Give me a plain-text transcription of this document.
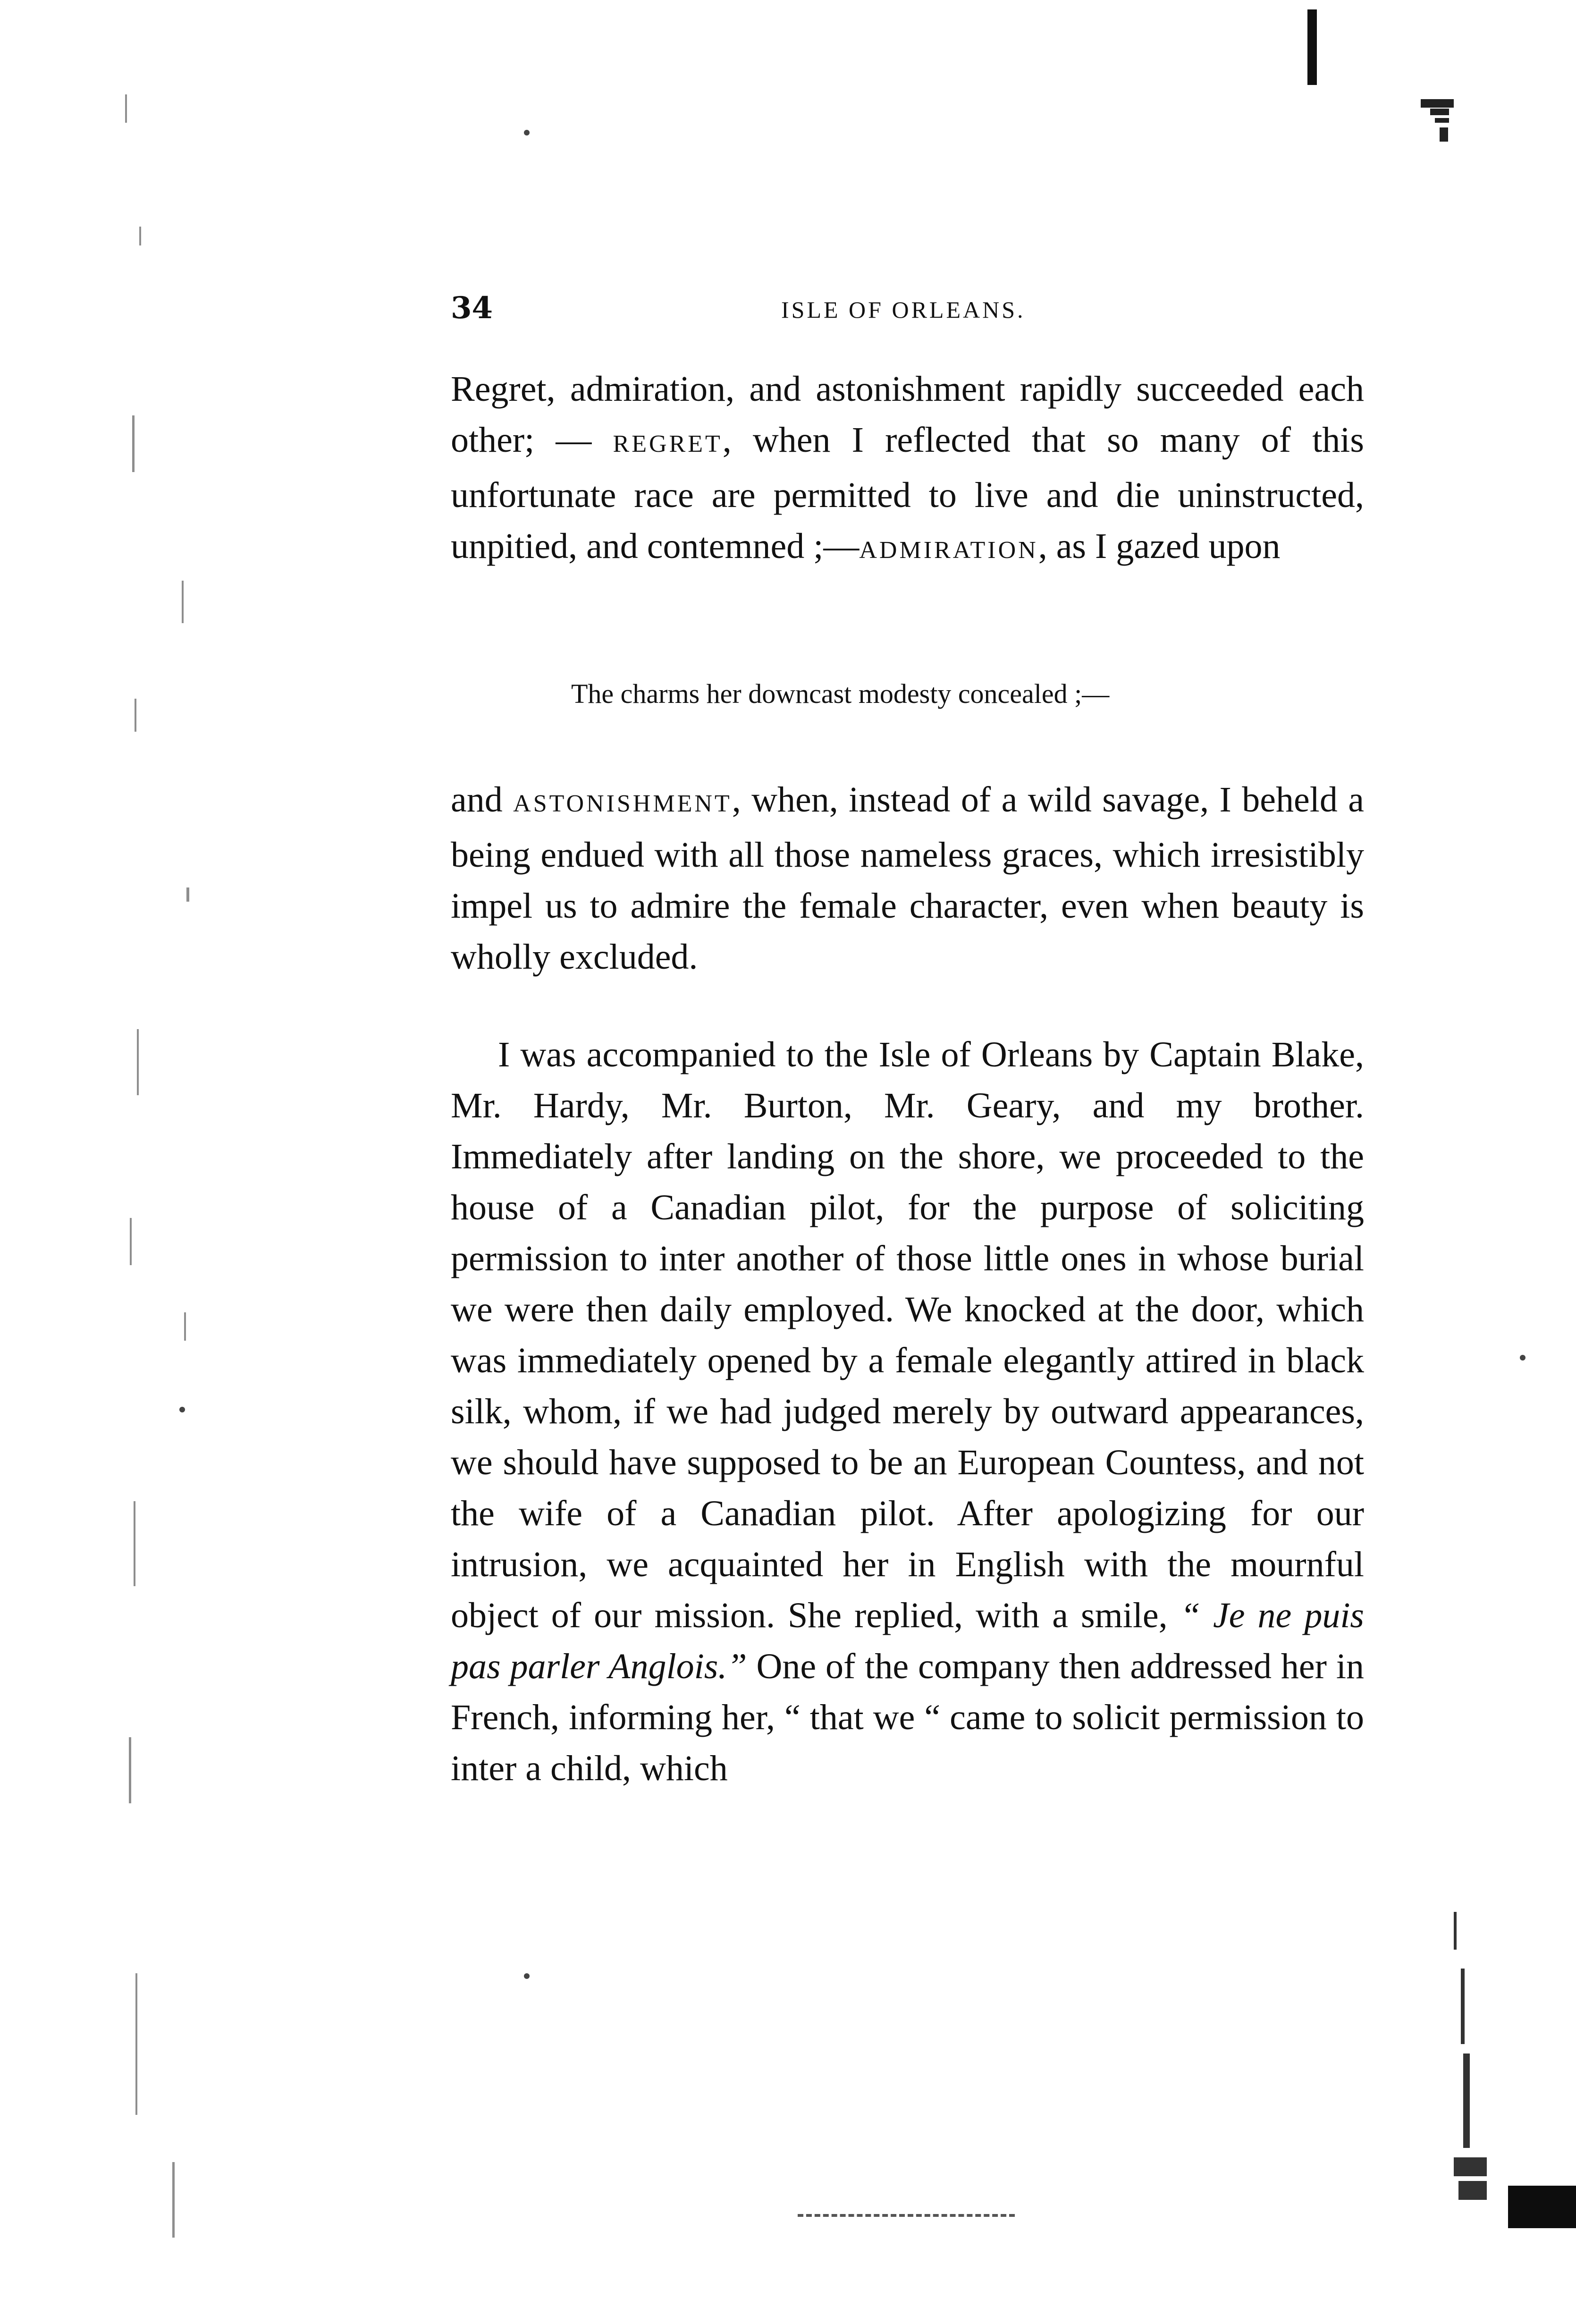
34	ISLE OF ORLEANS.

Regret, admiration, and astonishment rapidly succeeded each other; — REGRET, when I reflected that so many of this unfortunate race are permitted to live and die uninstructed, unpitied, and contemned ;—ADMIRATION, as I gazed upon

The charms her downcast modesty concealed ;—

and ASTONISHMENT, when, instead of a wild savage, I beheld a being endued with all those nameless graces, which irresistibly impel us to admire the female character, even when beauty is wholly excluded.

I was accompanied to the Isle of Orleans by Captain Blake, Mr. Hardy, Mr. Burton, Mr. Geary, and my brother. Immediately after landing on the shore, we proceeded to the house of a Canadian pilot, for the purpose of soliciting permission to inter another of those little ones in whose burial we were then daily employed. We knocked at the door, which was immediately opened by a female elegantly attired in black silk, whom, if we had judged merely by outward appearances, we should have supposed to be an European Countess, and not the wife of a Canadian pilot. After apologizing for our intrusion, we acquainted her in English with the mournful object of our mission. She replied, with a smile, “ Je ne puis pas parler Anglois.” One of the company then addressed her in French, informing her, “ that we “ came to solicit permission to inter a child, which
